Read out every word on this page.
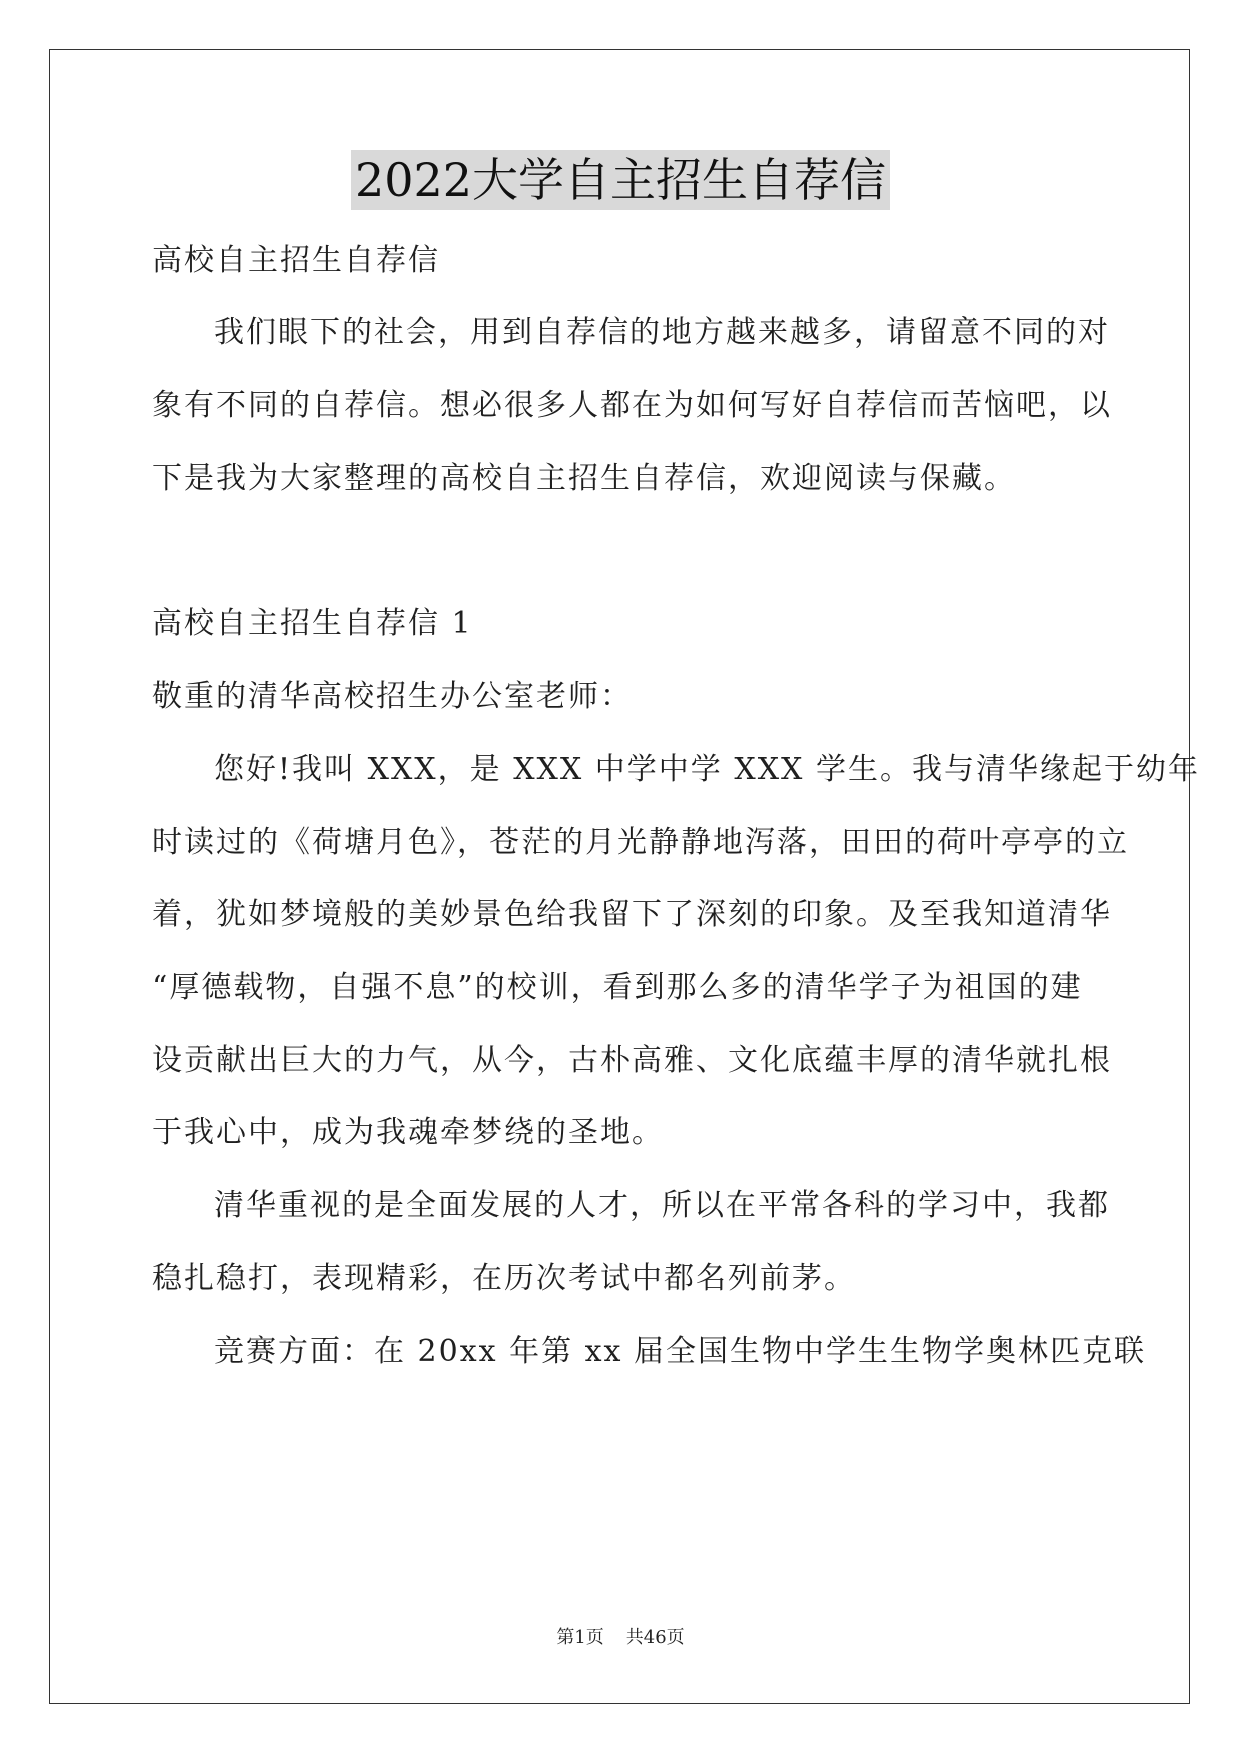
2022大学自主招生自荐信
高校自主招生自荐信
我们眼下的社会，用到自荐信的地方越来越多，请留意不同的对
象有不同的自荐信。想必很多人都在为如何写好自荐信而苦恼吧，以
下是我为大家整理的高校自主招生自荐信，欢迎阅读与保藏。
高校自主招生自荐信 1
敬重的清华高校招生办公室老师：
您好!我叫 XXX，是 XXX 中学中学 XXX 学生。我与清华缘起于幼年
时读过的《荷塘月色》，苍茫的月光静静地泻落，田田的荷叶亭亭的立
着，犹如梦境般的美妙景色给我留下了深刻的印象。及至我知道清华
“厚德载物，自强不息”的校训，看到那么多的清华学子为祖国的建
设贡献出巨大的力气，从今，古朴高雅、文化底蕴丰厚的清华就扎根
于我心中，成为我魂牵梦绕的圣地。
清华重视的是全面发展的人才，所以在平常各科的学习中，我都
稳扎稳打，表现精彩，在历次考试中都名列前茅。
竞赛方面：在 20xx 年第 xx 届全国生物中学生生物学奥林匹克联
第1页 共46页
